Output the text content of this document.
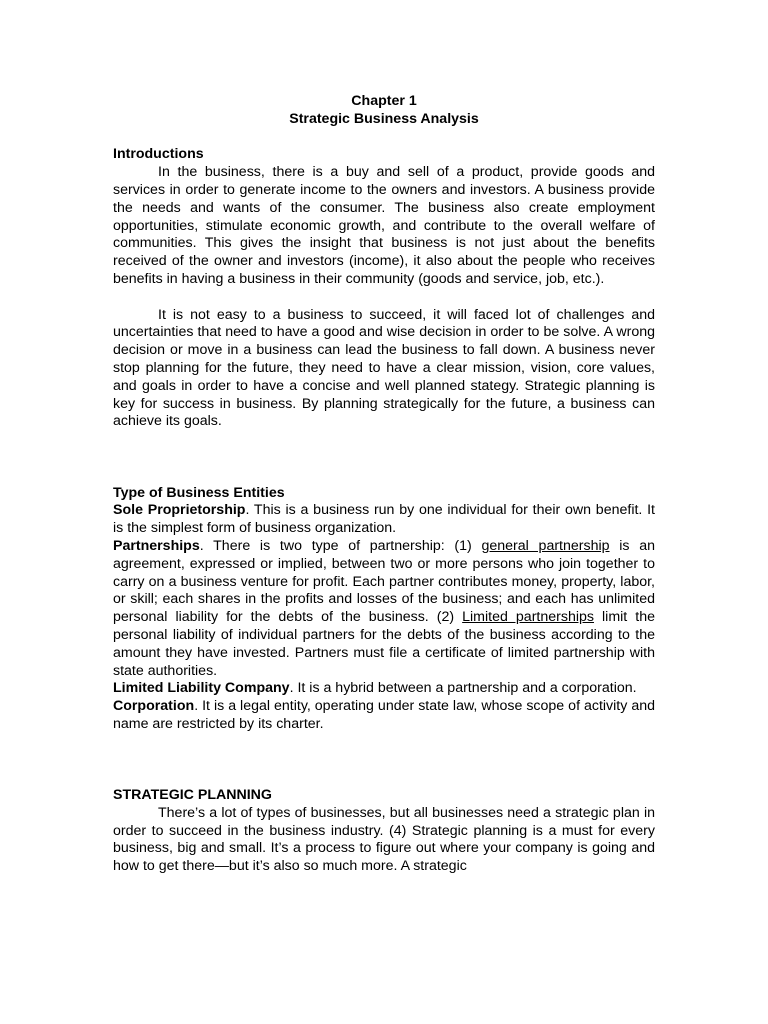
Chapter 1
Strategic Business Analysis
Introductions

In the business, there is a buy and sell of a product, provide goods and services in order to generate income to the owners and investors. A business provide the needs and wants of the consumer. The business also create employment opportunities, stimulate economic growth, and contribute to the overall welfare of communities. This gives the insight that business is not just about the benefits received of the owner and investors (income), it also about the people who receives benefits in having a business in their community (goods and service, job, etc.).

It is not easy to a business to succeed, it will faced lot of challenges and uncertainties that need to have a good and wise decision in order to be solve. A wrong decision or move in a business can lead the business to fall down. A business never stop planning for the future, they need to have a clear mission, vision, core values, and goals in order to have a concise and well planned stategy. Strategic planning is key for success in business. By planning strategically for the future, a business can achieve its goals.

Type of Business Entities

Sole Proprietorship. This is a business run by one individual for their own benefit. It is the simplest form of business organization.

Partnerships. There is two type of partnership: (1) general partnership is an agreement, expressed or implied, between two or more persons who join together to carry on a business venture for profit. Each partner contributes money, property, labor, or skill; each shares in the profits and losses of the business; and each has unlimited personal liability for the debts of the business. (2) Limited partnerships limit the personal liability of individual partners for the debts of the business according to the amount they have invested. Partners must file a certificate of limited partnership with state authorities.

Limited Liability Company. It is a hybrid between a partnership and a corporation.

Corporation. It is a legal entity, operating under state law, whose scope of activity and name are restricted by its charter.

STRATEGIC PLANNING

There’s a lot of types of businesses, but all businesses need a strategic plan in order to succeed in the business industry. (4) Strategic planning is a must for every business, big and small. It’s a process to figure out where your company is going and how to get there—but it’s also so much more. A strategic
